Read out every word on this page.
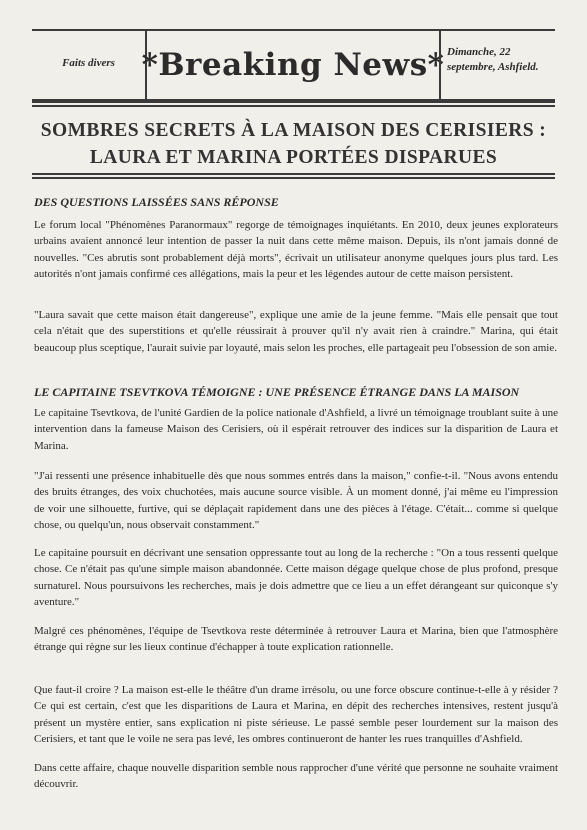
Faits divers *Breaking News* Dimanche, 22
septembre, Ashfield.
SOMBRES SECRETS À LA MAISON DES CERISIERS :
LAURA ET MARINA PORTÉES DISPARUES
DES QUESTIONS LAISSÉES SANS RÉPONSE

Le forum local "Phénomènes Paranormaux" regorge de témoignages inquiétants. En 2010, deux jeunes explorateurs urbains avaient annoncé leur intention de passer la nuit dans cette même maison. Depuis, ils n'ont jamais donné de nouvelles. "Ces abrutis sont probablement déjà morts", écrivait un utilisateur anonyme quelques jours plus tard. Les autorités n'ont jamais confirmé ces allégations, mais la peur et les légendes autour de cette maison persistent.

"Laura savait que cette maison était dangereuse", explique une amie de la jeune femme. "Mais elle pensait que tout cela n'était que des superstitions et qu'elle réussirait à prouver qu'il n'y avait rien à craindre." Marina, qui était beaucoup plus sceptique, l'aurait suivie par loyauté, mais selon les proches, elle partageait peu l'obsession de son amie.

LE CAPITAINE TSEVTKOVA TÉMOIGNE : UNE PRÉSENCE ÉTRANGE DANS LA MAISON

Le capitaine Tsevtkova, de l'unité Gardien de la police nationale d'Ashfield, a livré un témoignage troublant suite à une intervention dans la fameuse Maison des Cerisiers, où il espérait retrouver des indices sur la disparition de Laura et Marina.

"J'ai ressenti une présence inhabituelle dès que nous sommes entrés dans la maison," confie-t-il. "Nous avons entendu des bruits étranges, des voix chuchotées, mais aucune source visible. À un moment donné, j'ai même eu l'impression de voir une silhouette, furtive, qui se déplaçait rapidement dans une des pièces à l'étage. C'était... comme si quelque chose, ou quelqu'un, nous observait constamment."

Le capitaine poursuit en décrivant une sensation oppressante tout au long de la recherche : "On a tous ressenti quelque chose. Ce n'était pas qu'une simple maison abandonnée. Cette maison dégage quelque chose de plus profond, presque surnaturel. Nous poursuivons les recherches, mais je dois admettre que ce lieu a un effet dérangeant sur quiconque s'y aventure."

Malgré ces phénomènes, l'équipe de Tsevtkova reste déterminée à retrouver Laura et Marina, bien que l'atmosphère étrange qui règne sur les lieux continue d'échapper à toute explication rationnelle.

Que faut-il croire ? La maison est-elle le théâtre d'un drame irrésolu, ou une force obscure continue-t-elle à y résider ? Ce qui est certain, c'est que les disparitions de Laura et Marina, en dépit des recherches intensives, restent jusqu'à présent un mystère entier, sans explication ni piste sérieuse. Le passé semble peser lourdement sur la maison des Cerisiers, et tant que le voile ne sera pas levé, les ombres continueront de hanter les rues tranquilles d'Ashfield.

Dans cette affaire, chaque nouvelle disparition semble nous rapprocher d'une vérité que personne ne souhaite vraiment découvrir.
